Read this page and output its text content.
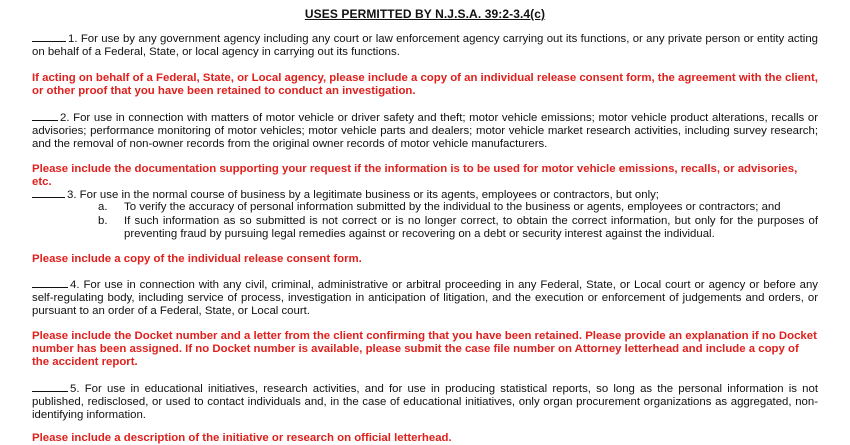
USES PERMITTED BY N.J.S.A. 39:2-3.4(c)
1. For use by any government agency including any court or law enforcement agency carrying out its functions, or any private person or entity acting on behalf of a Federal, State, or local agency in carrying out its functions.
If acting on behalf of a Federal, State, or Local agency, please include a copy of an individual release consent form, the agreement with the client, or other proof that you have been retained to conduct an investigation.
2. For use in connection with matters of motor vehicle or driver safety and theft; motor vehicle emissions; motor vehicle product alterations, recalls or advisories; performance monitoring of motor vehicles; motor vehicle parts and dealers; motor vehicle market research activities, including survey research; and the removal of non-owner records from the original owner records of motor vehicle manufacturers.
Please include the documentation supporting your request if the information is to be used for motor vehicle emissions, recalls, or advisories, etc.
3. For use in the normal course of business by a legitimate business or its agents, employees or contractors, but only;
a. To verify the accuracy of personal information submitted by the individual to the business or agents, employees or contractors; and
b. If such information as so submitted is not correct or is no longer correct, to obtain the correct information, but only for the purposes of preventing fraud by pursuing legal remedies against or recovering on a debt or security interest against the individual.
Please include a copy of the individual release consent form.
4. For use in connection with any civil, criminal, administrative or arbitral proceeding in any Federal, State, or Local court or agency or before any self-regulating body, including service of process, investigation in anticipation of litigation, and the execution or enforcement of judgements and orders, or pursuant to an order of a Federal, State, or Local court.
Please include the Docket number and a letter from the client confirming that you have been retained. Please provide an explanation if no Docket number has been assigned. If no Docket number is available, please submit the case file number on Attorney letterhead and include a copy of the accident report.
5. For use in educational initiatives, research activities, and for use in producing statistical reports, so long as the personal information is not published, redisclosed, or used to contact individuals and, in the case of educational initiatives, only organ procurement organizations as aggregated, non-identifying information.
Please include a description of the initiative or research on official letterhead.
